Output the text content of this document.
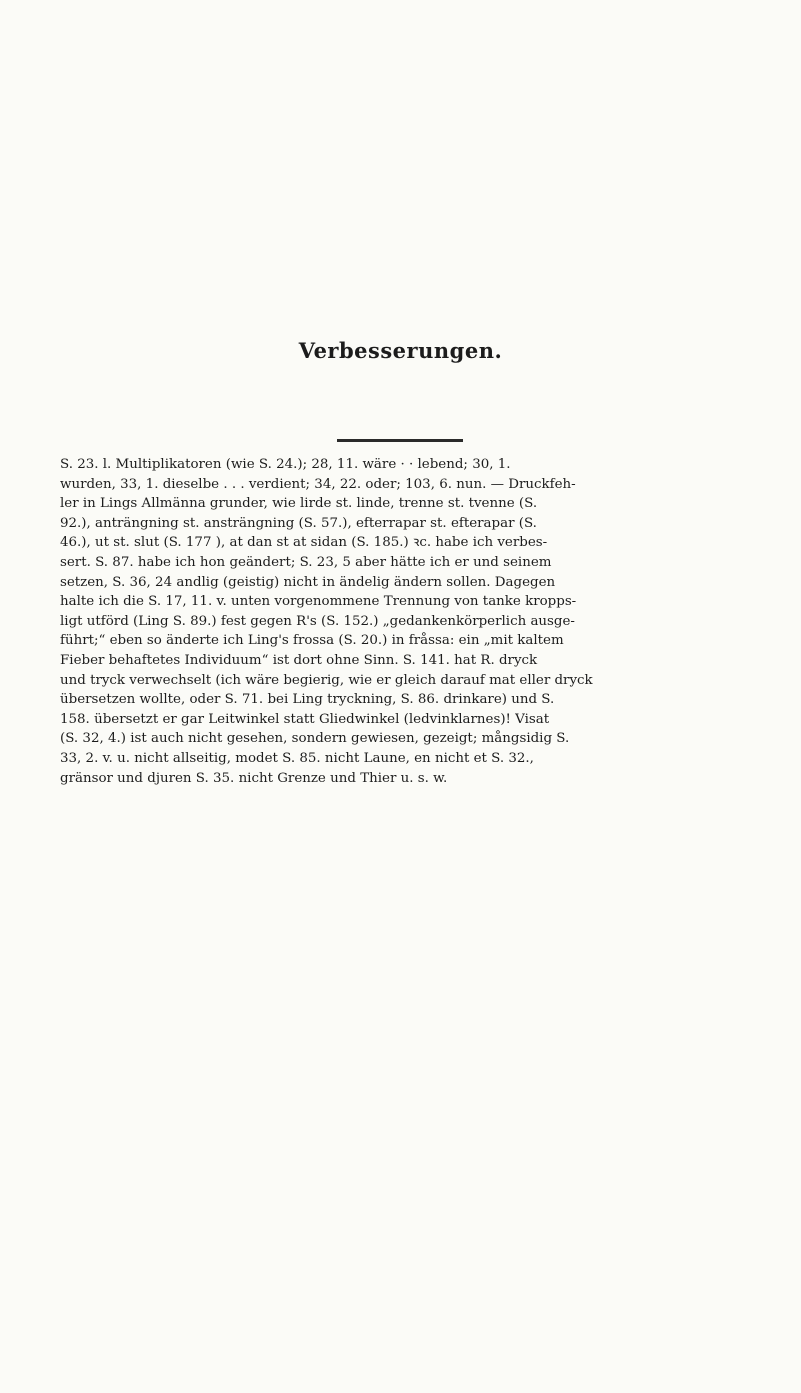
Verbesserungen.
S. 23. l. Multiplikatoren (wie S. 24.); 28, 11. wäre · · lebend; 30, 1.
wurden, 33, 1. dieselbe . . . verdient; 34, 22. oder; 103, 6. nun. — Druckfeh-
ler in Lings Allmänna grunder, wie lirde st. linde, trenne st. tvenne (S.
92.), anträngning st. ansträngning (S. 57.), efterrapar st. efterapar (S.
46.), ut st. slut (S. 177 ), at dan st at sidan (S. 185.) ꝛc. habe ich verbes-
sert. S. 87. habe ich hon geändert; S. 23, 5 aber hätte ich er und seinem
setzen, S. 36, 24 andlig (geistig) nicht in ändelig ändern sollen. Dagegen
halte ich die S. 17, 11. v. unten vorgenommene Trennung von tanke kropps-
ligt utförd (Ling S. 89.) fest gegen R's (S. 152.) „gedankenkörperlich ausge-
führt;“ eben so änderte ich Ling's frossa (S. 20.) in fråssa: ein „mit kaltem
Fieber behaftetes Individuum“ ist dort ohne Sinn. S. 141. hat R. dryck
und tryck verwechselt (ich wäre begierig, wie er gleich darauf mat eller dryck
übersetzen wollte, oder S. 71. bei Ling tryckning, S. 86. drinkare) und S.
158. übersetzt er gar Leitwinkel statt Gliedwinkel (ledvinklarnes)! Visat
(S. 32, 4.) ist auch nicht gesehen, sondern gewiesen, gezeigt; mångsidig S.
33, 2. v. u. nicht allseitig, modet S. 85. nicht Laune, en nicht et S. 32.,
gränsor und djuren S. 35. nicht Grenze und Thier u. s. w.
